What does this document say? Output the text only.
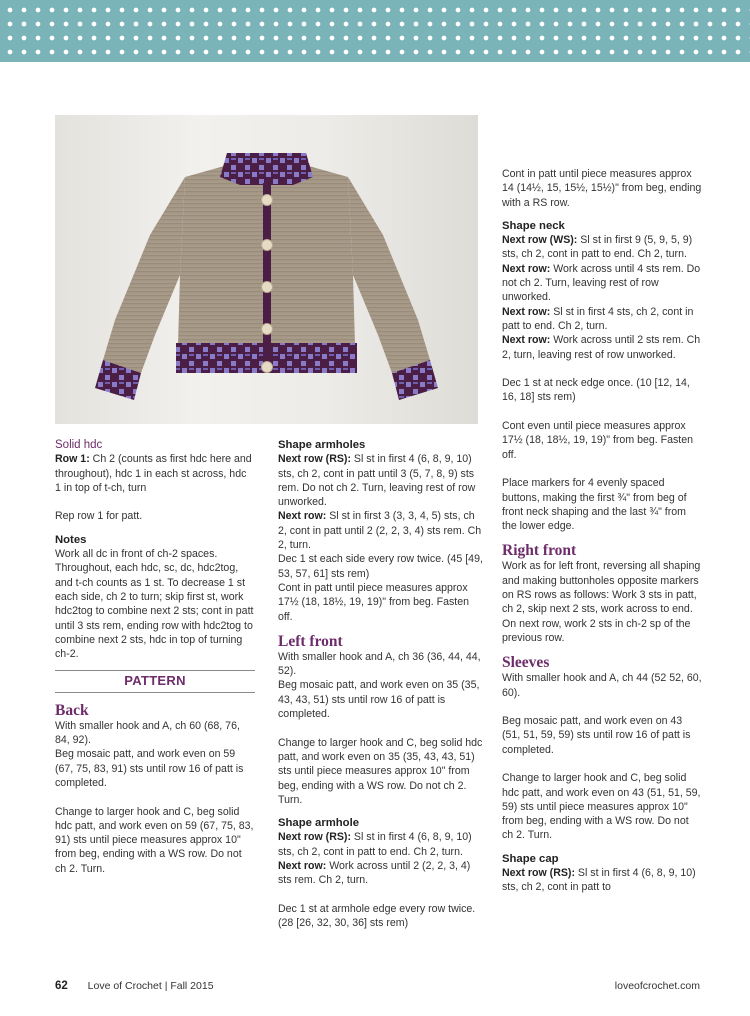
Solid hdc

Row 1: Ch 2 (counts as first hdc here and throughout), hdc 1 in each st across, hdc 1 in top of t-ch, turn

Rep row 1 for patt.

Notes

Work all dc in front of ch-2 spaces. Throughout, each hdc, sc, dc, hdc2tog, and t-ch counts as 1 st. To decrease 1 st each side, ch 2 to turn; skip first st, work hdc2tog to combine next 2 sts; cont in patt until 3 sts rem, ending row with hdc2tog to combine next 2 sts, hdc in top of turning ch-2.

PATTERN

Back

With smaller hook and A, ch 60 (68, 76, 84, 92).

Beg mosaic patt, and work even on 59 (67, 75, 83, 91) sts until row 16 of patt is completed.

Change to larger hook and C, beg solid hdc patt, and work even on 59 (67, 75, 83, 91) sts until piece measures approx 10" from beg, ending with a WS row. Do not ch 2. Turn.

Shape armholes

Next row (RS): Sl st in first 4 (6, 8, 9, 10) sts, ch 2, cont in patt until 3 (5, 7, 8, 9) sts rem. Do not ch 2. Turn, leaving rest of row unworked.

Next row: Sl st in first 3 (3, 3, 4, 5) sts, ch 2, cont in patt until 2 (2, 2, 3, 4) sts rem. Ch 2, turn.

Dec 1 st each side every row twice. (45 [49, 53, 57, 61] sts rem)

Cont in patt until piece measures approx 17½ (18, 18½, 19, 19)" from beg. Fasten off.

Left front

With smaller hook and A, ch 36 (36, 44, 44, 52).

Beg mosaic patt, and work even on 35 (35, 43, 43, 51) sts until row 16 of patt is completed.

Change to larger hook and C, beg solid hdc patt, and work even on 35 (35, 43, 43, 51) sts until piece measures approx 10" from beg, ending with a WS row. Do not ch 2. Turn.

Shape armhole

Next row (RS): Sl st in first 4 (6, 8, 9, 10) sts, ch 2, cont in patt to end. Ch 2, turn.

Next row: Work across until 2 (2, 2, 3, 4) sts rem. Ch 2, turn.

Dec 1 st at armhole edge every row twice. (28 [26, 32, 30, 36] sts rem)

Cont in patt until piece measures approx 14 (14½, 15, 15½, 15½)" from beg, ending with a RS row.

Shape neck

Next row (WS): Sl st in first 9 (5, 9, 5, 9) sts, ch 2, cont in patt to end. Ch 2, turn.

Next row: Work across until 4 sts rem. Do not ch 2. Turn, leaving rest of row unworked.

Next row: Sl st in first 4 sts, ch 2, cont in patt to end. Ch 2, turn.

Next row: Work across until 2 sts rem. Ch 2, turn, leaving rest of row unworked.

Dec 1 st at neck edge once. (10 [12, 14, 16, 18] sts rem)

Cont even until piece measures approx 17½ (18, 18½, 19, 19)" from beg. Fasten off.

Place markers for 4 evenly spaced buttons, making the first ¾" from beg of front neck shaping and the last ¾" from the lower edge.

Right front

Work as for left front, reversing all shaping and making buttonholes opposite markers on RS rows as follows: Work 3 sts in patt, ch 2, skip next 2 sts, work across to end. On next row, work 2 sts in ch-2 sp of the previous row.

Sleeves

With smaller hook and A, ch 44 (52 52, 60, 60).

Beg mosaic patt, and work even on 43 (51, 51, 59, 59) sts until row 16 of patt is completed.

Change to larger hook and C, beg solid hdc patt, and work even on 43 (51, 51, 59, 59) sts until piece measures approx 10" from beg, ending with a WS row. Do not ch 2. Turn.

Shape cap

Next row (RS): Sl st in first 4 (6, 8, 9, 10) sts, ch 2, cont in patt to

62 Love of Crochet | Fall 2015	loveofcrochet.com
